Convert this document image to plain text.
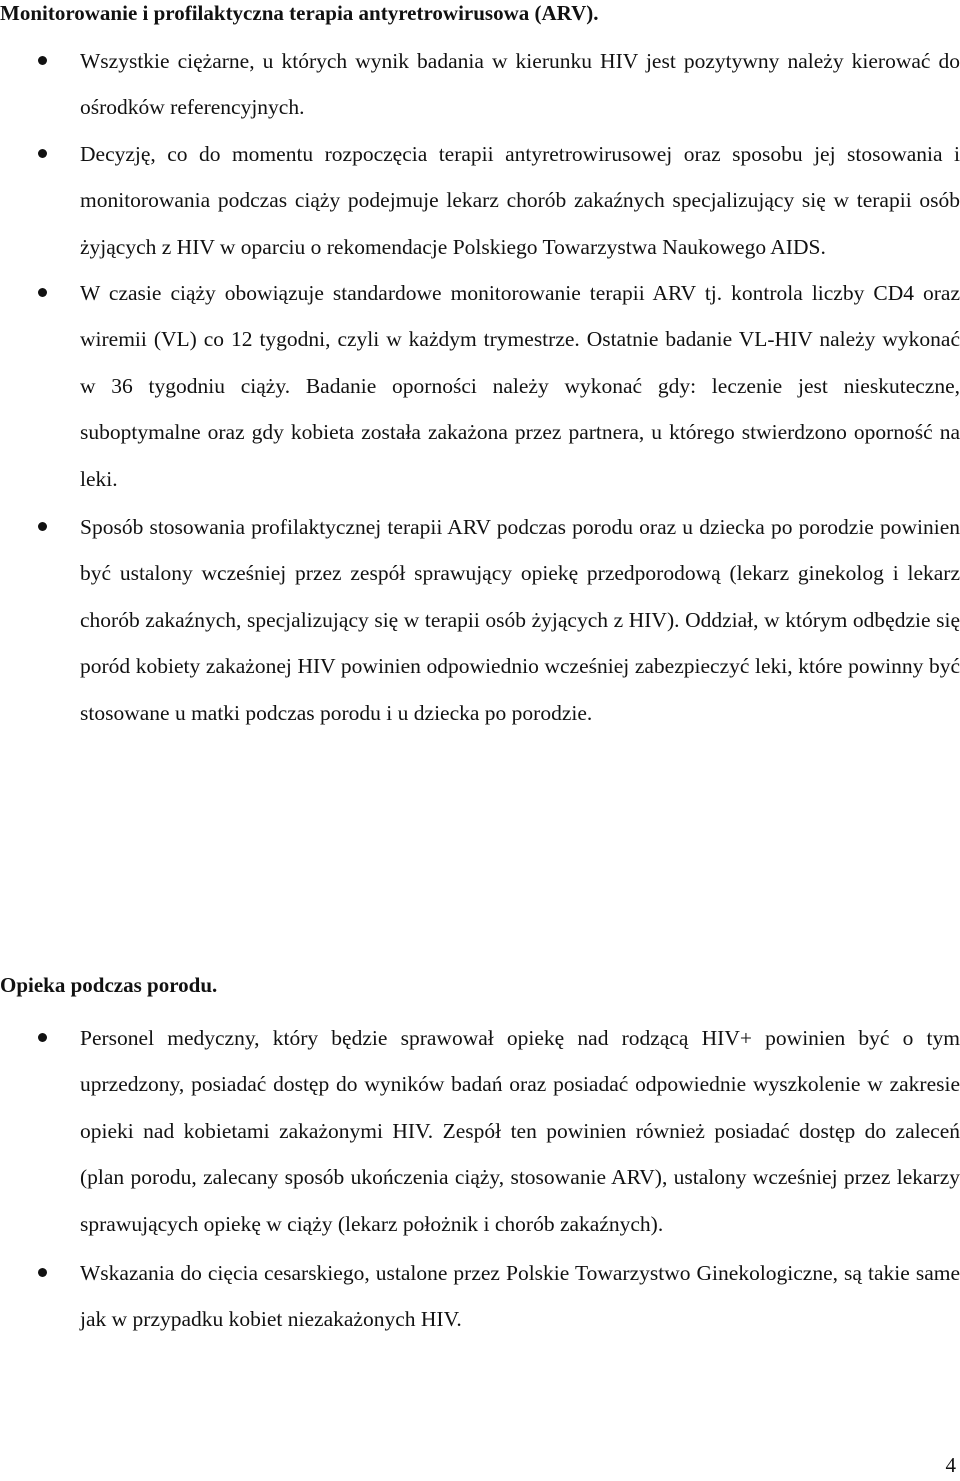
Monitorowanie i profilaktyczna terapia antyretrowirusowa (ARV).
Wszystkie ciężarne, u których wynik badania w kierunku HIV jest pozytywny należy kierować do ośrodków referencyjnych.
Decyzję, co do momentu rozpoczęcia terapii antyretrowirusowej oraz sposobu jej stosowania i monitorowania podczas ciąży podejmuje lekarz chorób zakaźnych specjalizujący się w terapii osób żyjących z HIV w oparciu o rekomendacje Polskiego Towarzystwa Naukowego AIDS.
W czasie ciąży obowiązuje standardowe monitorowanie terapii ARV tj. kontrola liczby CD4 oraz wiremii (VL) co 12 tygodni, czyli w każdym trymestrze. Ostatnie badanie VL-HIV należy wykonać w 36 tygodniu ciąży. Badanie oporności należy wykonać gdy: leczenie jest nieskuteczne, suboptymalne oraz gdy kobieta została zakażona przez partnera, u którego stwierdzono oporność na leki.
Sposób stosowania profilaktycznej terapii ARV podczas porodu oraz u dziecka po porodzie powinien być ustalony wcześniej przez zespół sprawujący opiekę przedporodową (lekarz ginekolog i lekarz chorób zakaźnych, specjalizujący się w terapii osób żyjących z HIV). Oddział, w którym odbędzie się poród kobiety zakażonej HIV powinien odpowiednio wcześniej zabezpieczyć leki, które powinny być stosowane u matki podczas porodu i u dziecka po porodzie.
Opieka podczas porodu.
Personel medyczny, który będzie sprawował opiekę nad rodzącą HIV+ powinien być o tym uprzedzony, posiadać dostęp do wyników badań oraz posiadać odpowiednie wyszkolenie w zakresie opieki nad kobietami zakażonymi HIV. Zespół ten powinien również posiadać dostęp do zaleceń (plan porodu, zalecany sposób ukończenia ciąży, stosowanie ARV), ustalony wcześniej przez lekarzy sprawujących opiekę w ciąży (lekarz położnik i chorób zakaźnych).
Wskazania do cięcia cesarskiego, ustalone przez Polskie Towarzystwo Ginekologiczne, są takie same jak w przypadku kobiet niezakażonych HIV.
4
